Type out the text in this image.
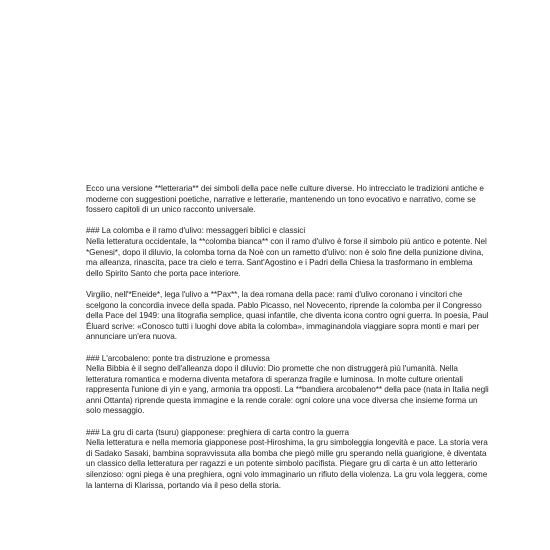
Ecco una versione **letteraria** dei simboli della pace nelle culture diverse. Ho intrecciato le tradizioni antiche e moderne con suggestioni poetiche, narrative e letterarie, mantenendo un tono evocativo e narrativo, come se fossero capitoli di un unico racconto universale.

### La colomba e il ramo d'ulivo: messaggeri biblici e classici
Nella letteratura occidentale, la **colomba bianca** con il ramo d'ulivo è forse il simbolo più antico e potente. Nel *Genesi*, dopo il diluvio, la colomba torna da Noè con un rametto d'ulivo: non è solo fine della punizione divina, ma alleanza, rinascita, pace tra cielo e terra. Sant'Agostino e i Padri della Chiesa la trasformano in emblema dello Spirito Santo che porta pace interiore.

Virgilio, nell'*Eneide*, lega l'ulivo a **Pax**, la dea romana della pace: rami d'ulivo coronano i vincitori che scelgono la concordia invece della spada. Pablo Picasso, nel Novecento, riprende la colomba per il Congresso della Pace del 1949: una litografia semplice, quasi infantile, che diventa icona contro ogni guerra. In poesia, Paul Éluard scrive: «Conosco tutti i luoghi dove abita la colomba», immaginandola viaggiare sopra monti e mari per annunciare un'era nuova.

### L'arcobaleno: ponte tra distruzione e promessa
Nella Bibbia è il segno dell'alleanza dopo il diluvio: Dio promette che non distruggerà più l'umanità. Nella letteratura romantica e moderna diventa metafora di speranza fragile e luminosa. In molte culture orientali rappresenta l'unione di yin e yang, armonia tra opposti. La **bandiera arcobaleno** della pace (nata in Italia negli anni Ottanta) riprende questa immagine e la rende corale: ogni colore una voce diversa che insieme forma un solo messaggio.

### La gru di carta (tsuru) giapponese: preghiera di carta contro la guerra
Nella letteratura e nella memoria giapponese post-Hiroshima, la gru simboleggia longevità e pace. La storia vera di Sadako Sasaki, bambina sopravvissuta alla bomba che piegò mille gru sperando nella guarigione, è diventata un classico della letteratura per ragazzi e un potente simbolo pacifista. Piegare gru di carta è un atto letterario silenzioso: ogni piega è una preghiera, ogni volo immaginario un rifiuto della violenza. La gru vola leggera, come la lanterna di Klarissa, portando via il peso della storia.
